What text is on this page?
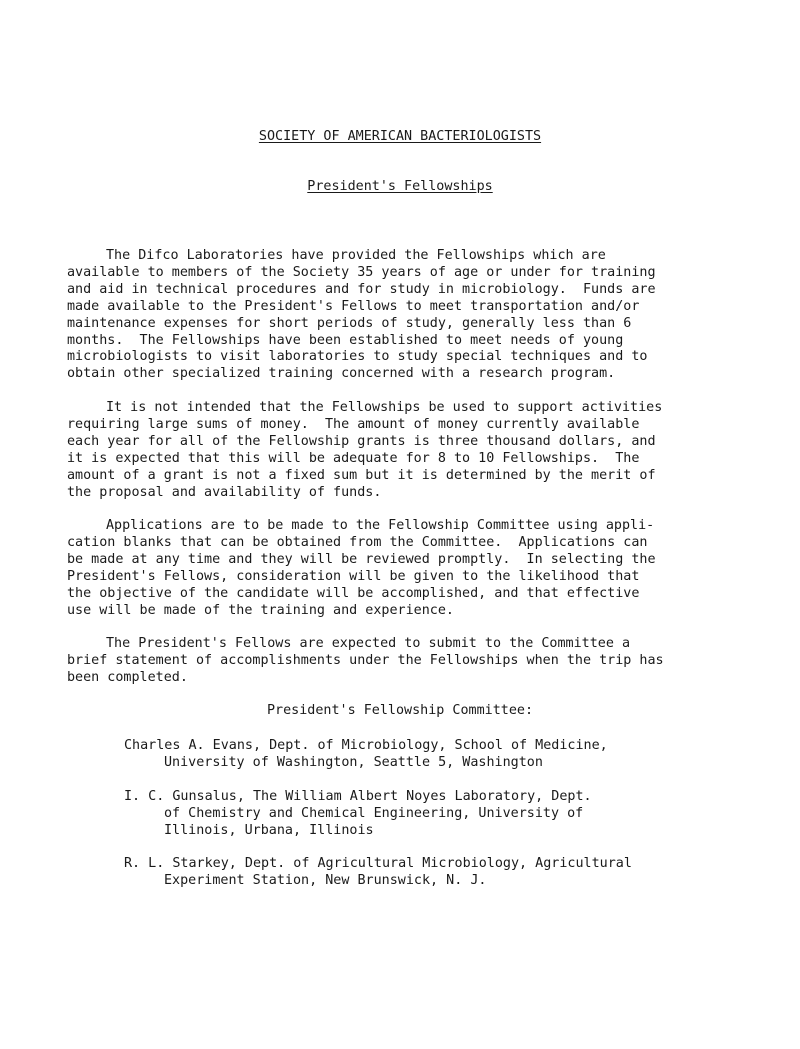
SOCIETY OF AMERICAN BACTERIOLOGISTS
President's Fellowships
The Difco Laboratories have provided the Fellowships which are
available to members of the Society 35 years of age or under for training
and aid in technical procedures and for study in microbiology.  Funds are
made available to the President's Fellows to meet transportation and/or
maintenance expenses for short periods of study, generally less than 6
months.  The Fellowships have been established to meet needs of young
microbiologists to visit laboratories to study special techniques and to
obtain other specialized training concerned with a research program.
It is not intended that the Fellowships be used to support activities
requiring large sums of money.  The amount of money currently available
each year for all of the Fellowship grants is three thousand dollars, and
it is expected that this will be adequate for 8 to 10 Fellowships.  The
amount of a grant is not a fixed sum but it is determined by the merit of
the proposal and availability of funds.
Applications are to be made to the Fellowship Committee using appli-
cation blanks that can be obtained from the Committee.  Applications can
be made at any time and they will be reviewed promptly.  In selecting the
President's Fellows, consideration will be given to the likelihood that
the objective of the candidate will be accomplished, and that effective
use will be made of the training and experience.
The President's Fellows are expected to submit to the Committee a
brief statement of accomplishments under the Fellowships when the trip has
been completed.
President's Fellowship Committee:
Charles A. Evans, Dept. of Microbiology, School of Medicine,
University of Washington, Seattle 5, Washington
I. C. Gunsalus, The William Albert Noyes Laboratory, Dept.
of Chemistry and Chemical Engineering, University of
Illinois, Urbana, Illinois
R. L. Starkey, Dept. of Agricultural Microbiology, Agricultural
Experiment Station, New Brunswick, N. J.
